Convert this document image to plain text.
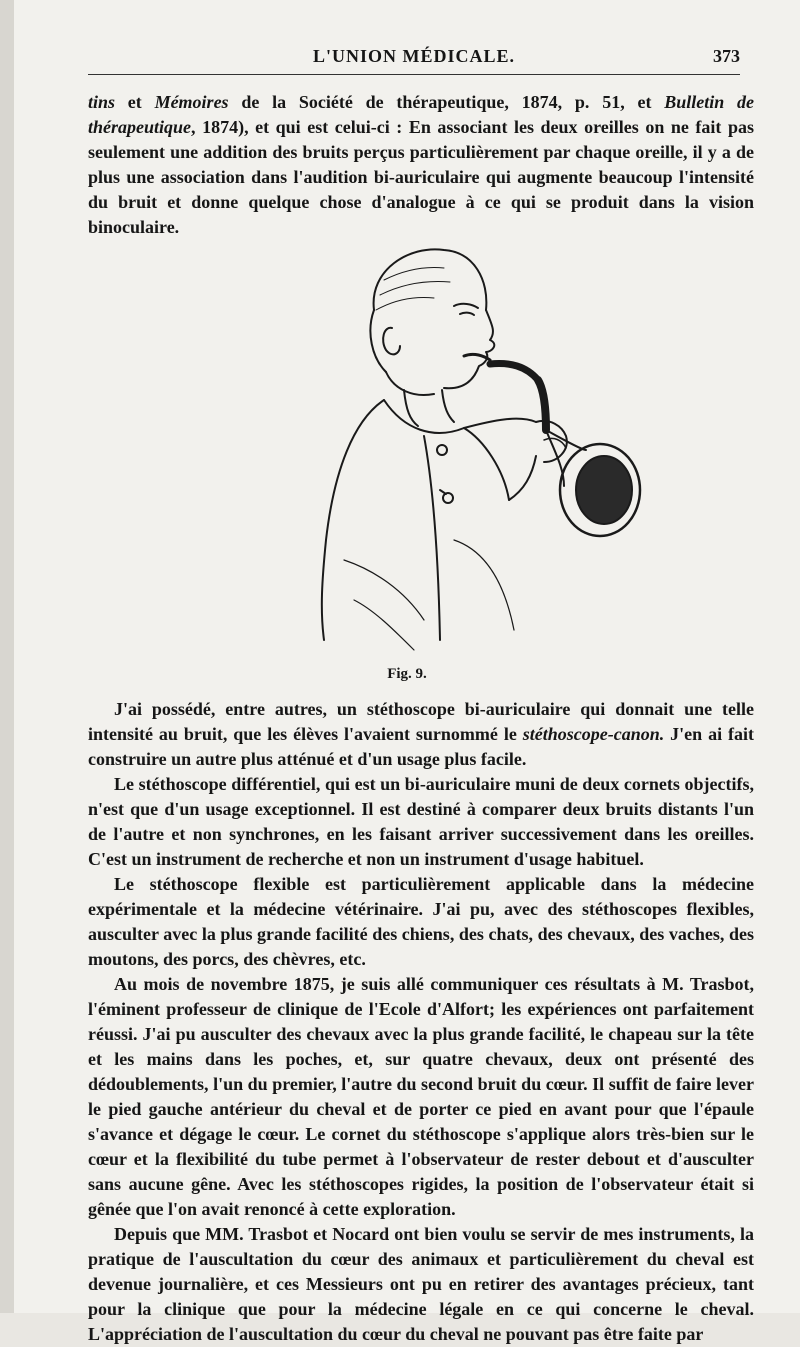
L'UNION MÉDICALE.	373

tins et Mémoires de la Société de thérapeutique, 1874, p. 51, et Bulletin de thérapeutique, 1874), et qui est celui-ci : En associant les deux oreilles on ne fait pas seulement une addition des bruits perçus particulièrement par chaque oreille, il y a de plus une association dans l'audition bi-auriculaire qui augmente beaucoup l'intensité du bruit et donne quelque chose d'analogue à ce qui se produit dans la vision binoculaire.

Fig. 9.

J'ai possédé, entre autres, un stéthoscope bi-auriculaire qui donnait une telle intensité au bruit, que les élèves l'avaient surnommé le stéthoscope-canon. J'en ai fait construire un autre plus atténué et d'un usage plus facile.

Le stéthoscope différentiel, qui est un bi-auriculaire muni de deux cornets objectifs, n'est que d'un usage exceptionnel. Il est destiné à comparer deux bruits distants l'un de l'autre et non synchrones, en les faisant arriver successivement dans les oreilles. C'est un instrument de recherche et non un instrument d'usage habituel.

Le stéthoscope flexible est particulièrement applicable dans la médecine expérimentale et la médecine vétérinaire. J'ai pu, avec des stéthoscopes flexibles, ausculter avec la plus grande facilité des chiens, des chats, des chevaux, des vaches, des moutons, des porcs, des chèvres, etc.

Au mois de novembre 1875, je suis allé communiquer ces résultats à M. Trasbot, l'éminent professeur de clinique de l'Ecole d'Alfort; les expériences ont parfaitement réussi. J'ai pu ausculter des chevaux avec la plus grande facilité, le chapeau sur la tête et les mains dans les poches, et, sur quatre chevaux, deux ont présenté des dédoublements, l'un du premier, l'autre du second bruit du cœur. Il suffit de faire lever le pied gauche antérieur du cheval et de porter ce pied en avant pour que l'épaule s'avance et dégage le cœur. Le cornet du stéthoscope s'applique alors très-bien sur le cœur et la flexibilité du tube permet à l'observateur de rester debout et d'ausculter sans aucune gêne. Avec les stéthoscopes rigides, la position de l'observateur était si gênée que l'on avait renoncé à cette exploration.

Depuis que MM. Trasbot et Nocard ont bien voulu se servir de mes instruments, la pratique de l'auscultation du cœur des animaux et particulièrement du cheval est devenue journalière, et ces Messieurs ont pu en retirer des avantages précieux, tant pour la clinique que pour la médecine légale en ce qui concerne le cheval. L'appréciation de l'auscultation du cœur du cheval ne pouvant pas être faite par
